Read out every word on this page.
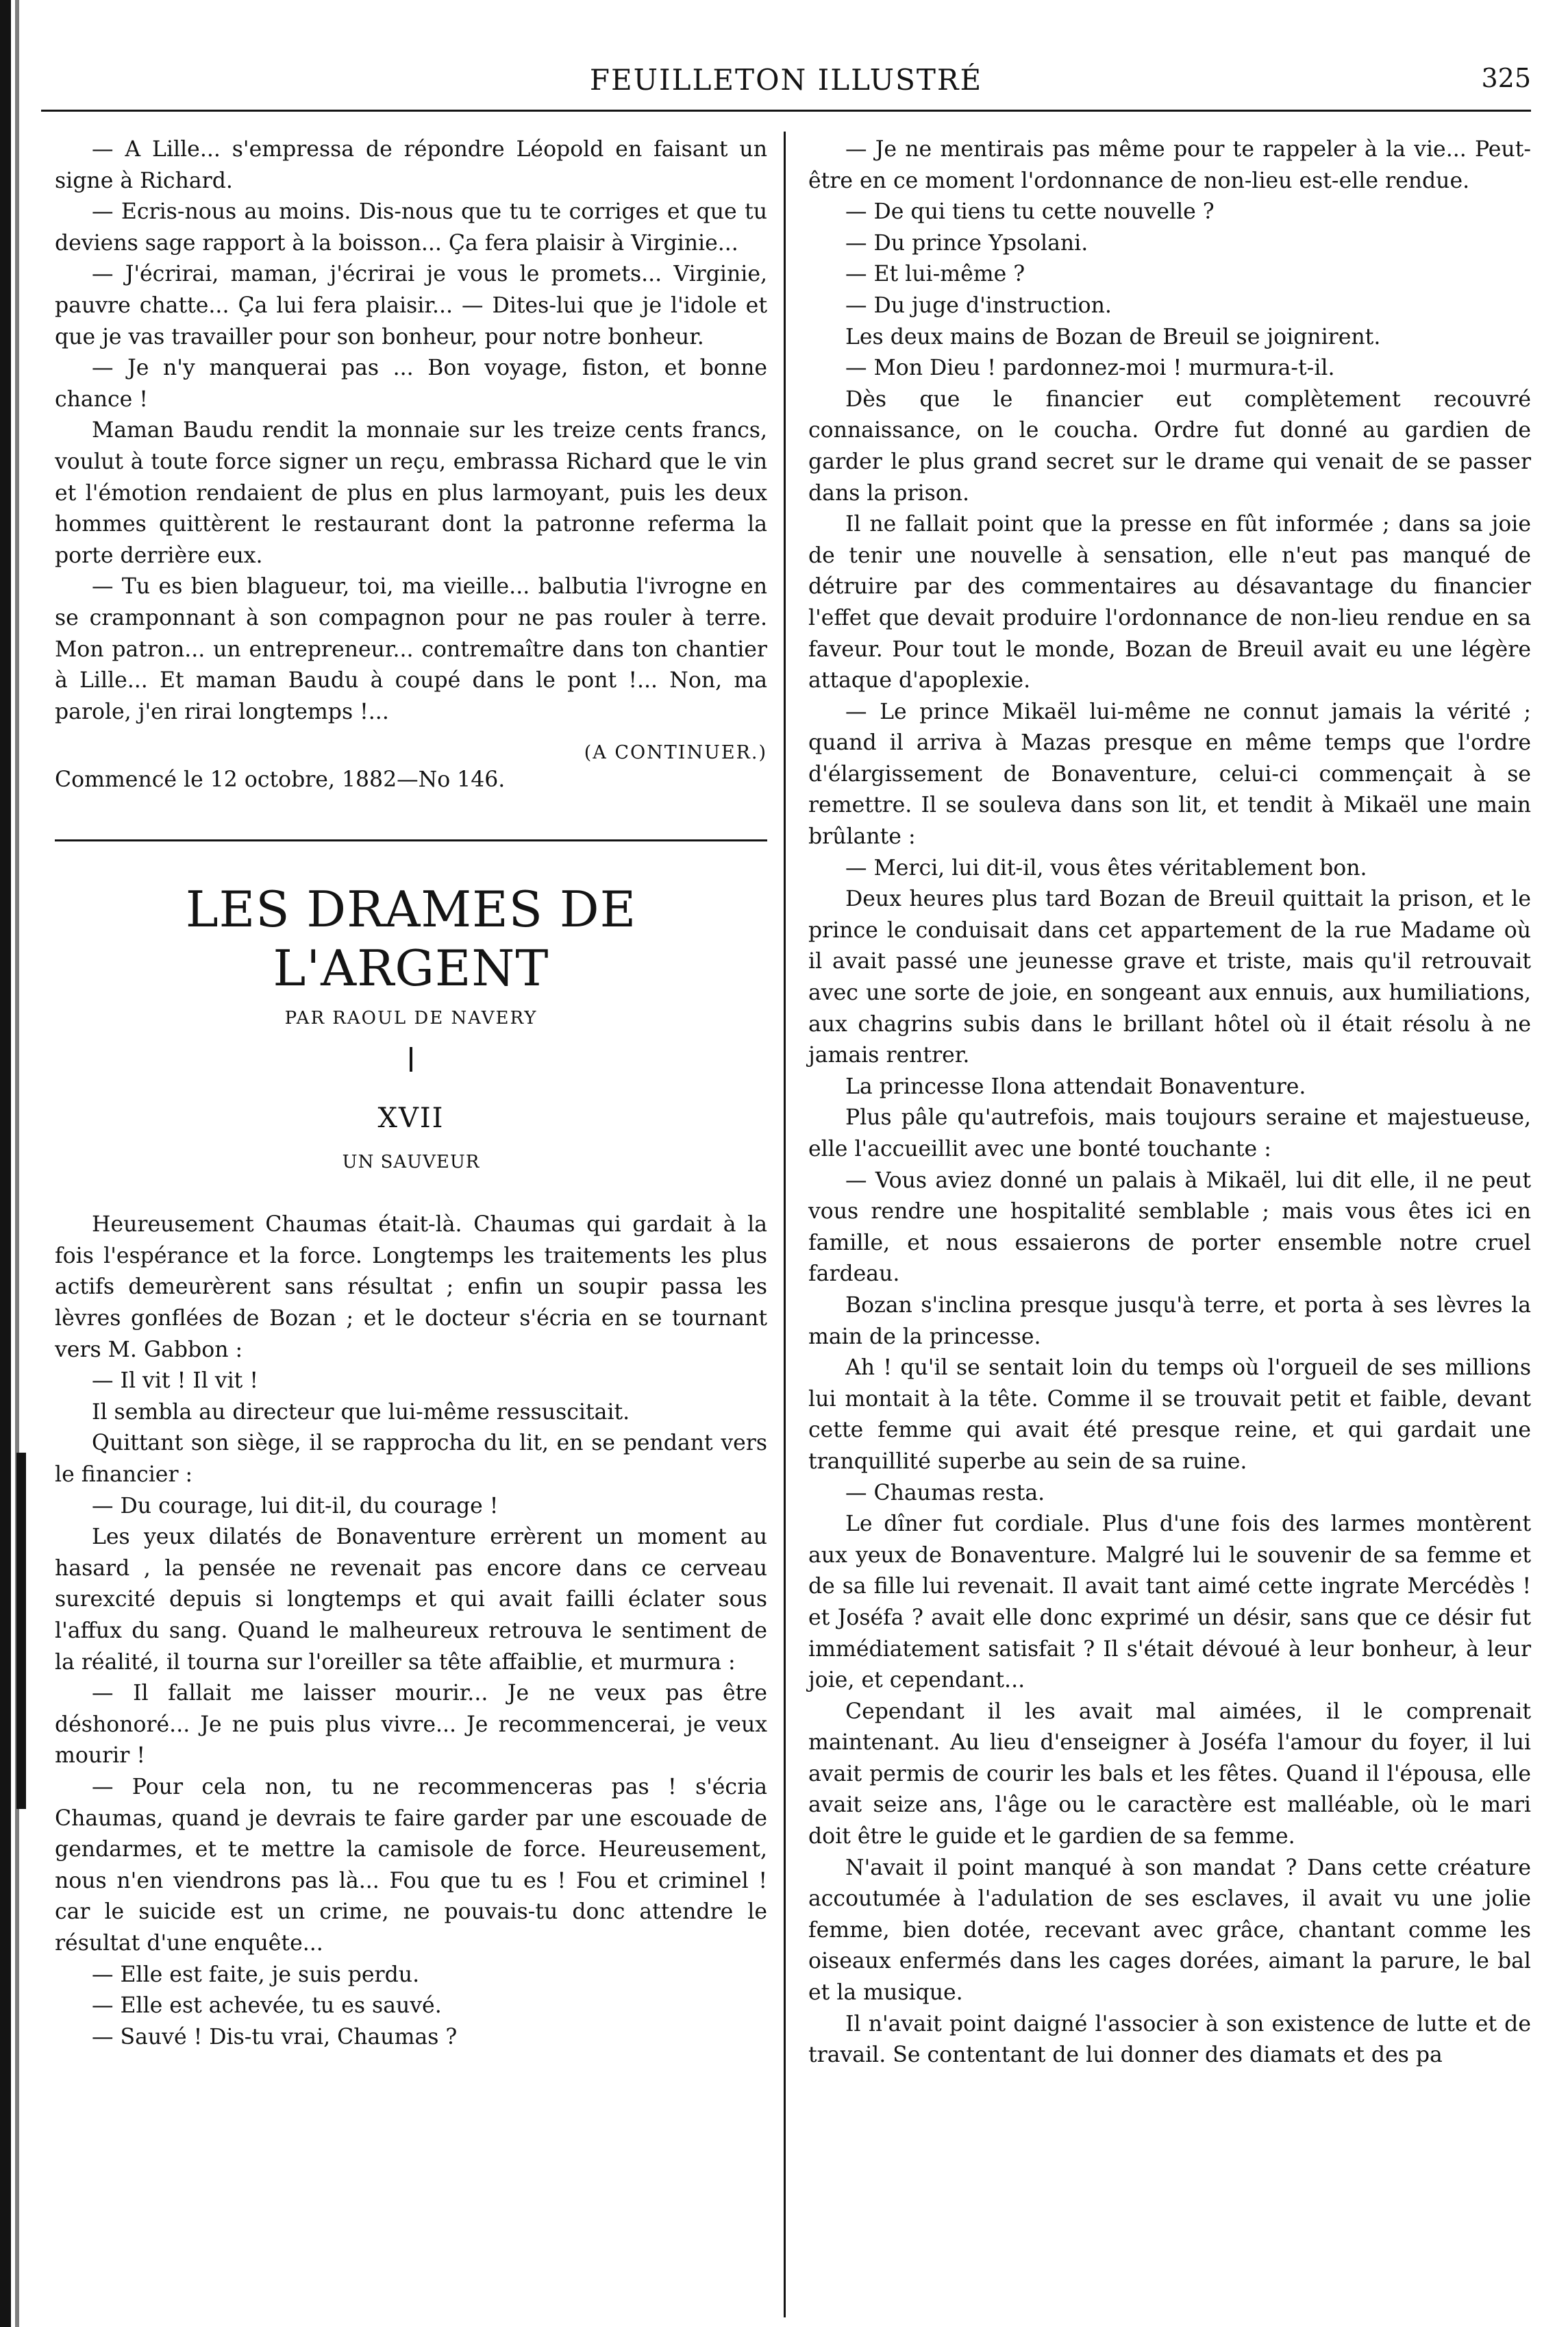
FEUILLETON ILLUSTRÉ	325

— A Lille... s'empressa de répondre Léopold en faisant un signe à Richard.

— Ecris-nous au moins. Dis-nous que tu te corriges et que tu deviens sage rapport à la boisson... Ça fera plaisir à Virginie...

— J'écrirai, maman, j'écrirai je vous le promets... Virginie, pauvre chatte... Ça lui fera plaisir... — Dites-lui que je l'idole et que je vas travailler pour son bonheur, pour notre bonheur.

— Je n'y manquerai pas ... Bon voyage, fiston, et bonne chance !

Maman Baudu rendit la monnaie sur les treize cents francs, voulut à toute force signer un reçu, embrassa Richard que le vin et l'émotion rendaient de plus en plus larmoyant, puis les deux hommes quittèrent le restaurant dont la patronne referma la porte derrière eux.

— Tu es bien blagueur, toi, ma vieille... balbutia l'ivrogne en se cramponnant à son compagnon pour ne pas rouler à terre. Mon patron... un entrepreneur... contremaître dans ton chantier à Lille... Et maman Baudu à coupé dans le pont !... Non, ma parole, j'en rirai longtemps !...

(A CONTINUER.)
Commencé le 12 octobre, 1882—No 146.
LES DRAMES DE L'ARGENT
PAR RAOUL DE NAVERY
XVII
UN SAUVEUR

Heureusement Chaumas était-là. Chaumas qui gardait à la fois l'espérance et la force. Longtemps les traitements les plus actifs demeurèrent sans résultat ; enfin un soupir passa les lèvres gonflées de Bozan ; et le docteur s'écria en se tournant vers M. Gabbon :

— Il vit ! Il vit !

Il sembla au directeur que lui-même ressuscitait.

Quittant son siège, il se rapprocha du lit, en se pendant vers le financier :

— Du courage, lui dit-il, du courage !

Les yeux dilatés de Bonaventure errèrent un moment au hasard , la pensée ne revenait pas encore dans ce cerveau surexcité depuis si longtemps et qui avait failli éclater sous l'affux du sang. Quand le malheureux retrouva le sentiment de la réalité, il tourna sur l'oreiller sa tête affaiblie, et murmura :

— Il fallait me laisser mourir... Je ne veux pas être déshonoré... Je ne puis plus vivre... Je recommencerai, je veux mourir !

— Pour cela non, tu ne recommenceras pas ! s'écria Chaumas, quand je devrais te faire garder par une escouade de gendarmes, et te mettre la camisole de force. Heureusement, nous n'en viendrons pas là... Fou que tu es ! Fou et criminel ! car le suicide est un crime, ne pouvais-tu donc attendre le résultat d'une enquête...

— Elle est faite, je suis perdu.

— Elle est achevée, tu es sauvé.

— Sauvé ! Dis-tu vrai, Chaumas ?

— Je ne mentirais pas même pour te rappeler à la vie... Peut-être en ce moment l'ordonnance de non-lieu est-elle rendue.

— De qui tiens tu cette nouvelle ?

— Du prince Ypsolani.

— Et lui-même ?

— Du juge d'instruction.

Les deux mains de Bozan de Breuil se joignirent.

— Mon Dieu ! pardonnez-moi ! murmura-t-il.

Dès que le financier eut complètement recouvré connaissance, on le coucha. Ordre fut donné au gardien de garder le plus grand secret sur le drame qui venait de se passer dans la prison.

Il ne fallait point que la presse en fût informée ; dans sa joie de tenir une nouvelle à sensation, elle n'eut pas manqué de détruire par des commentaires au désavantage du financier l'effet que devait produire l'ordonnance de non-lieu rendue en sa faveur. Pour tout le monde, Bozan de Breuil avait eu une légère attaque d'apoplexie.

— Le prince Mikaël lui-même ne connut jamais la vérité ; quand il arriva à Mazas presque en même temps que l'ordre d'élargissement de Bonaventure, celui-ci commençait à se remettre. Il se souleva dans son lit, et tendit à Mikaël une main brûlante :

— Merci, lui dit-il, vous êtes véritablement bon.

Deux heures plus tard Bozan de Breuil quittait la prison, et le prince le conduisait dans cet appartement de la rue Madame où il avait passé une jeunesse grave et triste, mais qu'il retrouvait avec une sorte de joie, en songeant aux ennuis, aux humiliations, aux chagrins subis dans le brillant hôtel où il était résolu à ne jamais rentrer.

La princesse Ilona attendait Bonaventure.

Plus pâle qu'autrefois, mais toujours seraine et majestueuse, elle l'accueillit avec une bonté touchante :

— Vous aviez donné un palais à Mikaël, lui dit elle, il ne peut vous rendre une hospitalité semblable ; mais vous êtes ici en famille, et nous essaierons de porter ensemble notre cruel fardeau.

Bozan s'inclina presque jusqu'à terre, et porta à ses lèvres la main de la princesse.

Ah ! qu'il se sentait loin du temps où l'orgueil de ses millions lui montait à la tête. Comme il se trouvait petit et faible, devant cette femme qui avait été presque reine, et qui gardait une tranquillité superbe au sein de sa ruine.

— Chaumas resta.

Le dîner fut cordiale. Plus d'une fois des larmes montèrent aux yeux de Bonaventure. Malgré lui le souvenir de sa femme et de sa fille lui revenait. Il avait tant aimé cette ingrate Mercédès ! et Joséfa ? avait elle donc exprimé un désir, sans que ce désir fut immédiatement satisfait ? Il s'était dévoué à leur bonheur, à leur joie, et cependant...

Cependant il les avait mal aimées, il le comprenait maintenant. Au lieu d'enseigner à Joséfa l'amour du foyer, il lui avait permis de courir les bals et les fêtes. Quand il l'épousa, elle avait seize ans, l'âge ou le caractère est malléable, où le mari doit être le guide et le gardien de sa femme.

N'avait il point manqué à son mandat ? Dans cette créature accoutumée à l'adulation de ses esclaves, il avait vu une jolie femme, bien dotée, recevant avec grâce, chantant comme les oiseaux enfermés dans les cages dorées, aimant la parure, le bal et la musique.

Il n'avait point daigné l'associer à son existence de lutte et de travail. Se contentant de lui donner des diamats et des pa
